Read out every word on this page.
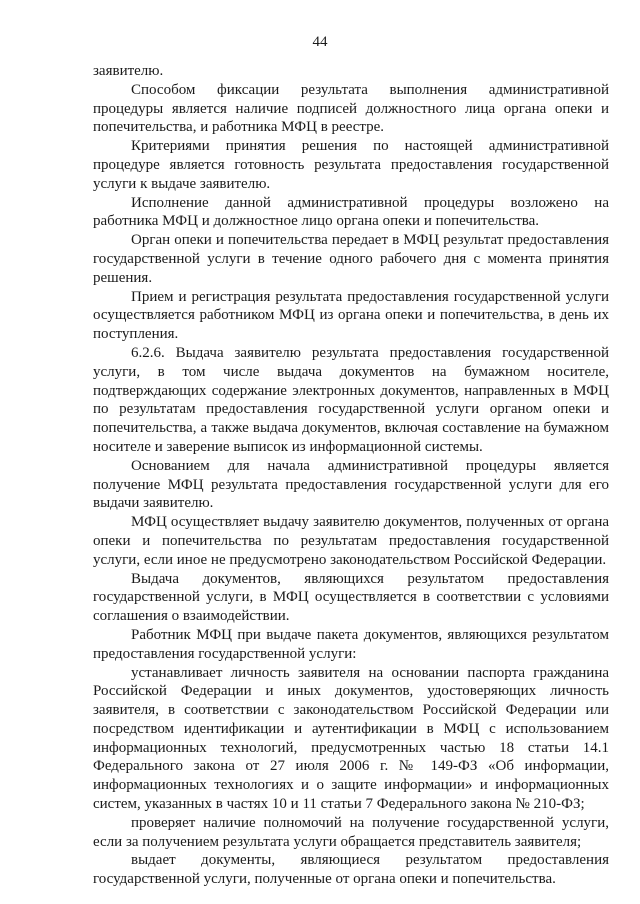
44

заявителю.

Способом фиксации результата выполнения административной процедуры является наличие подписей должностного лица органа опеки и попечительства, и работника МФЦ в реестре.

Критериями принятия решения по настоящей административной процедуре является готовность результата предоставления государственной услуги к выдаче заявителю.

Исполнение данной административной процедуры возложено на работника МФЦ и должностное лицо органа опеки и попечительства.

Орган опеки и попечительства передает в МФЦ результат предоставления государственной услуги в течение одного рабочего дня с момента принятия решения.

Прием и регистрация результата предоставления государственной услуги осуществляется работником МФЦ из органа опеки и попечительства, в день их поступления.

6.2.6. Выдача заявителю результата предоставления государственной услуги, в том числе выдача документов на бумажном носителе, подтверждающих содержание электронных документов, направленных в МФЦ по результатам предоставления государственной услуги органом опеки и попечительства, а также выдача документов, включая составление на бумажном носителе и заверение выписок из информационной системы.

Основанием для начала административной процедуры является получение МФЦ результата предоставления государственной услуги для его выдачи заявителю.

МФЦ осуществляет выдачу заявителю документов, полученных от органа опеки и попечительства по результатам предоставления государственной услуги, если иное не предусмотрено законодательством Российской Федерации.

Выдача документов, являющихся результатом предоставления государственной услуги, в МФЦ осуществляется в соответствии с условиями соглашения о взаимодействии.

Работник МФЦ при выдаче пакета документов, являющихся результатом предоставления государственной услуги:

устанавливает личность заявителя на основании паспорта гражданина Российской Федерации и иных документов, удостоверяющих личность заявителя, в соответствии с законодательством Российской Федерации или посредством идентификации и аутентификации в МФЦ с использованием информационных технологий, предусмотренных частью 18 статьи 14.1 Федерального закона от 27 июля 2006 г. № 149-ФЗ «Об информации, информационных технологиях и о защите информации» и информационных систем, указанных в частях 10 и 11 статьи 7 Федерального закона № 210-ФЗ;

проверяет наличие полномочий на получение государственной услуги, если за получением результата услуги обращается представитель заявителя;

выдает документы, являющиеся результатом предоставления государственной услуги, полученные от органа опеки и попечительства.
